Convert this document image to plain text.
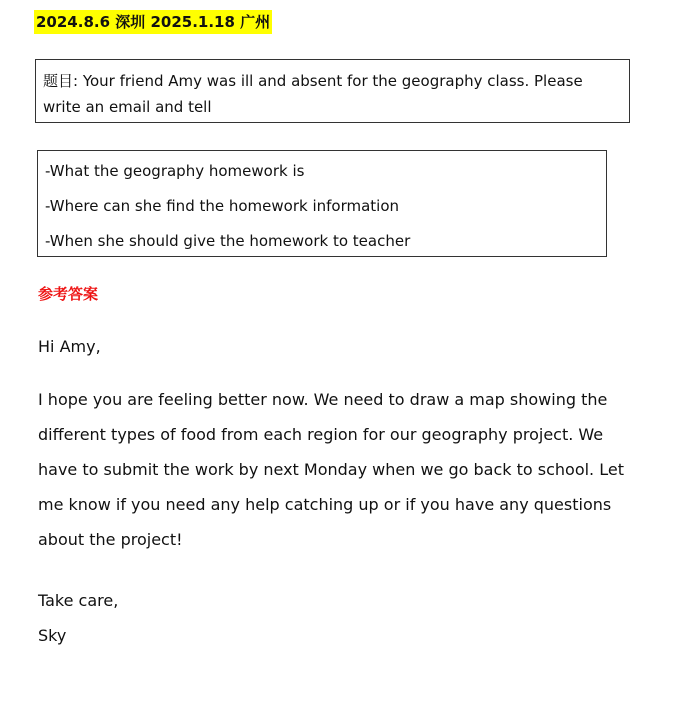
2024.8.6 深圳 2025.1.18 广州
题目: Your friend Amy was ill and absent for the geography class. Please write an email and tell
-What the geography homework is
-Where can she find the homework information
-When she should give the homework to teacher
参考答案
Hi Amy,
I hope you are feeling better now. We need to draw a map showing the
different types of food from each region for our geography project. We
have to submit the work by next Monday when we go back to school. Let
me know if you need any help catching up or if you have any questions
about the project!
Take care,
Sky
